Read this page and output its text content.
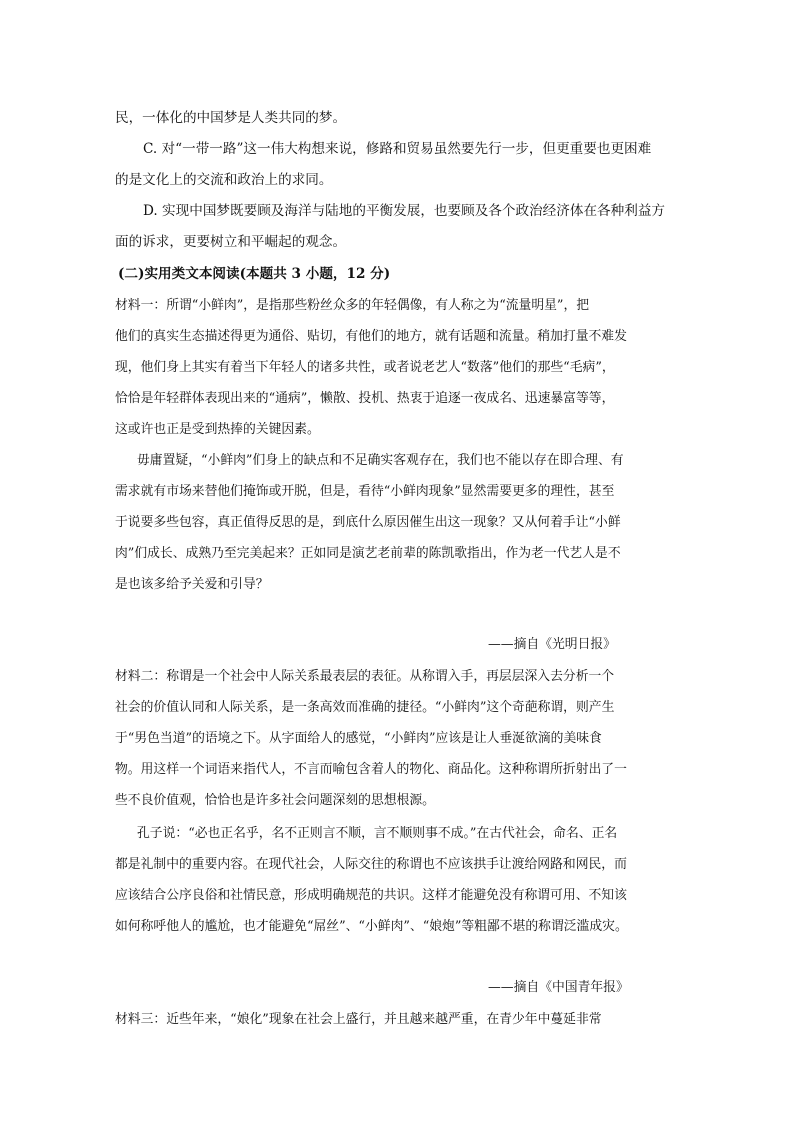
民，一体化的中国梦是人类共同的梦。
C. 对“一带一路”这一伟大构想来说，修路和贸易虽然要先行一步，但更重要也更困难
的是文化上的交流和政治上的求同。
D. 实现中国梦既要顾及海洋与陆地的平衡发展，也要顾及各个政治经济体在各种利益方
面的诉求，更要树立和平崛起的观念。
(二)实用类文本阅读(本题共 3 小题，12 分)
材料一：所谓“小鲜肉”，是指那些粉丝众多的年轻偶像，有人称之为“流量明星”，把
他们的真实生态描述得更为通俗、贴切，有他们的地方，就有话题和流量。稍加打量不难发
现，他们身上其实有着当下年轻人的诸多共性，或者说老艺人“数落”他们的那些“毛病”，
恰恰是年轻群体表现出来的“通病”，懒散、投机、热衷于追逐一夜成名、迅速暴富等等，
这或许也正是受到热捧的关键因素。
毋庸置疑，“小鲜肉”们身上的缺点和不足确实客观存在，我们也不能以存在即合理、有
需求就有市场来替他们掩饰或开脱，但是，看待“小鲜肉现象”显然需要更多的理性，甚至
于说要多些包容，真正值得反思的是，到底什么原因催生出这一现象？又从何着手让“小鲜
肉”们成长、成熟乃至完美起来？正如同是演艺老前辈的陈凯歌指出，作为老一代艺人是不
是也该多给予关爱和引导？
——摘自《光明日报》
材料二：称谓是一个社会中人际关系最表层的表征。从称谓入手，再层层深入去分析一个
社会的价值认同和人际关系，是一条高效而准确的捷径。“小鲜肉”这个奇葩称谓，则产生
于“男色当道”的语境之下。从字面给人的感觉，“小鲜肉”应该是让人垂涎欲滴的美味食
物。用这样一个词语来指代人，不言而喻包含着人的物化、商品化。这种称谓所折射出了一
些不良价值观，恰恰也是许多社会问题深刻的思想根源。
孔子说：“必也正名乎，名不正则言不顺，言不顺则事不成。”在古代社会，命名、正名
都是礼制中的重要内容。在现代社会，人际交往的称谓也不应该拱手让渡给网路和网民，而
应该结合公序良俗和社情民意，形成明确规范的共识。这样才能避免没有称谓可用、不知该
如何称呼他人的尴尬，也才能避免“屌丝”、“小鲜肉”、“娘炮”等粗鄙不堪的称谓泛滥成灾。
——摘自《中国青年报》
材料三：近些年来，“娘化”现象在社会上盛行，并且越来越严重，在青少年中蔓延非常
